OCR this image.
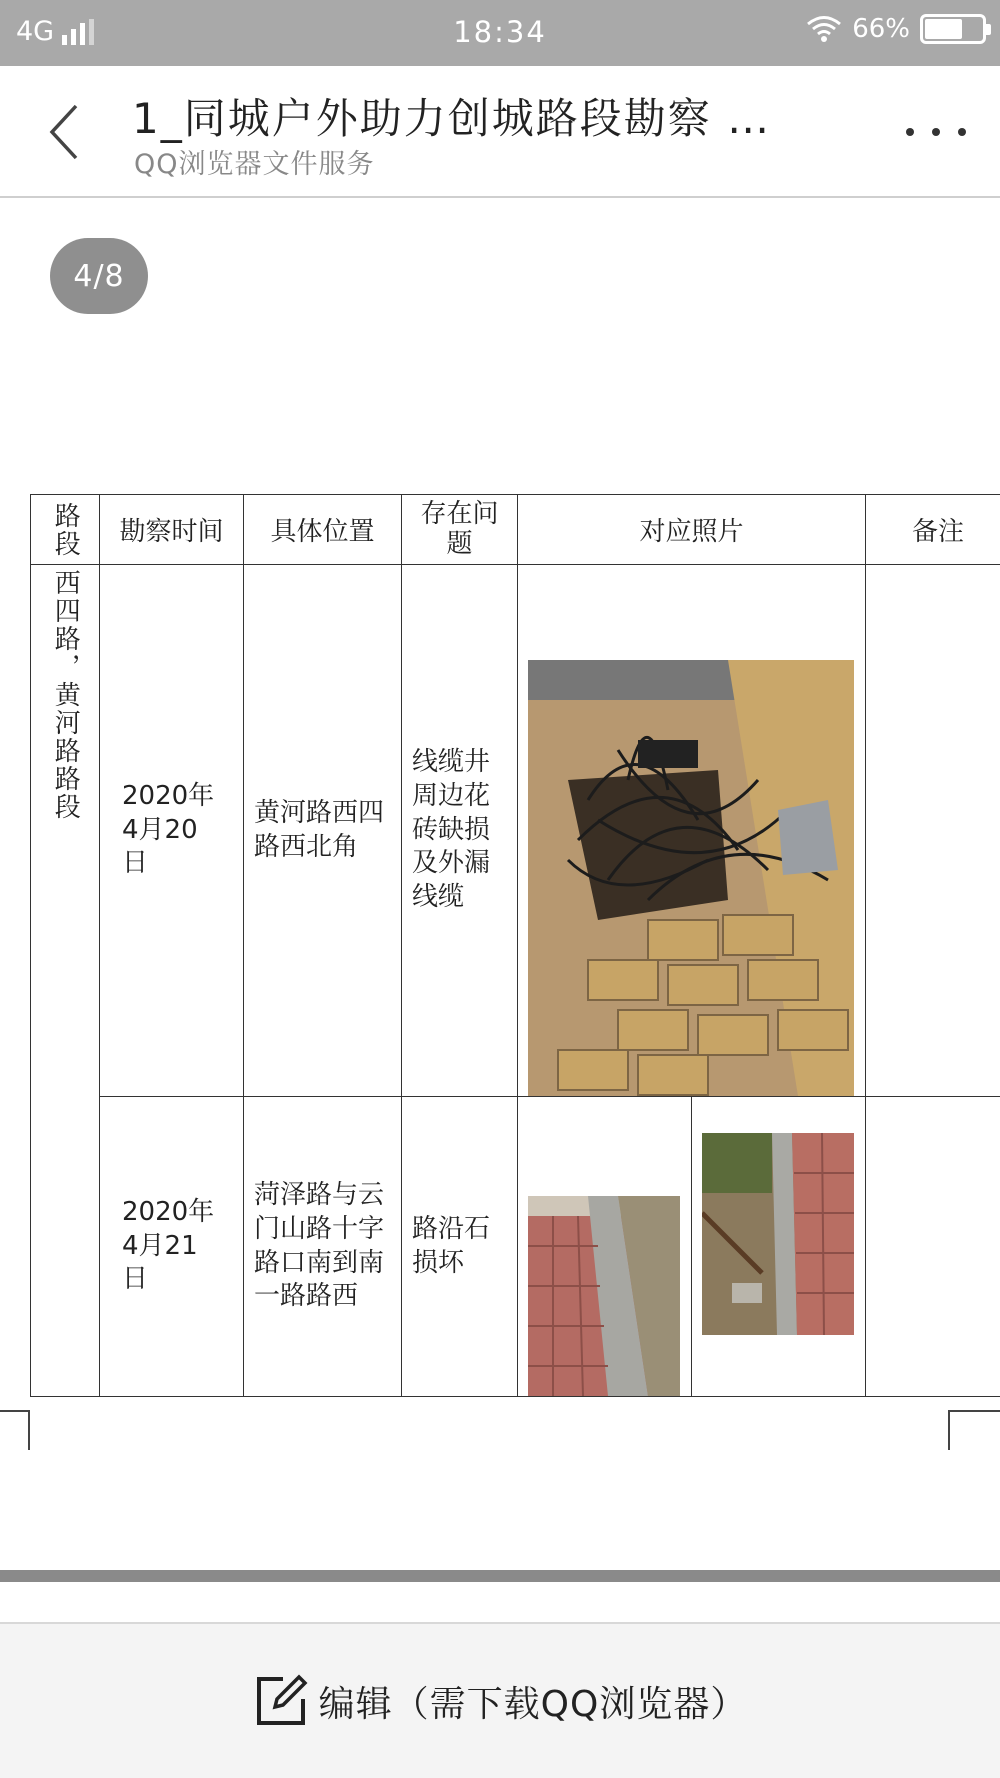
4G	18:34	66%
1_同城户外助力创城路段勘察 …
QQ浏览器文件服务
4/8
路段	勘察时间	具体位置	存在问题	对应照片		备注

西四路，黄河路路段	2020年4月20日	黄河路西四路西北角	线缆井周边花砖缺损及外漏线缆

	2020年4月21日	菏泽路与云门山路十字路口南到南一路路西	路沿石损坏

编辑（需下载QQ浏览器）
